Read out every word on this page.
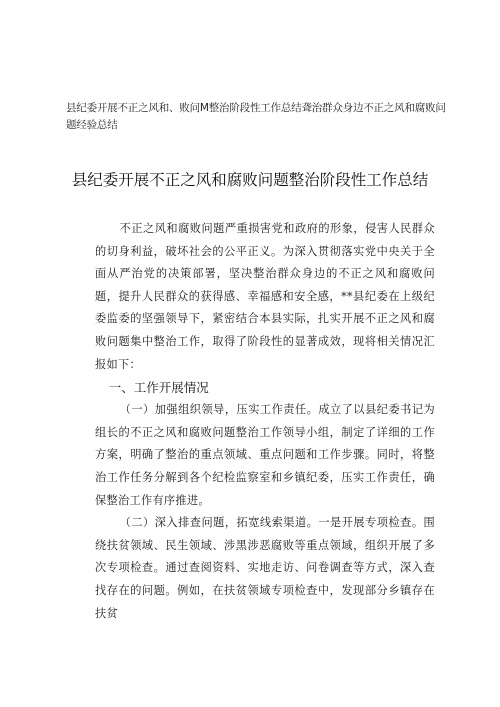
县纪委开展不正之风和、败问M整治阶段性工作总结聋治群众身边不正之风和腐败问题经验总结
县纪委开展不正之风和腐败问题整治阶段性工作总结

不正之风和腐败问题严重损害党和政府的形象，侵害人民群众的切身利益，破坏社会的公平正义。为深入贯彻落实党中央关于全面从严治党的决策部署，坚决整治群众身边的不正之风和腐败问题，提升人民群众的获得感、幸福感和安全感，**县纪委在上级纪委监委的坚强领导下，紧密结合本县实际，扎实开展不正之风和腐败问题集中整治工作，取得了阶段性的显著成效，现将相关情况汇报如下：

一、工作开展情况

（一）加强组织领导，压实工作责任。成立了以县纪委书记为组长的不正之风和腐败问题整治工作领导小组，制定了详细的工作方案，明确了整治的重点领域、重点问题和工作步骤。同时，将整治工作任务分解到各个纪检监察室和乡镇纪委，压实工作责任，确保整治工作有序推进。

（二）深入排查问题，拓宽线索渠道。一是开展专项检查。围绕扶贫领域、民生领域、涉黑涉恶腐败等重点领域，组织开展了多次专项检查。通过查阅资料、实地走访、问卷调查等方式，深入查找存在的问题。例如，在扶贫领域专项检查中，发现部分乡镇存在扶贫
